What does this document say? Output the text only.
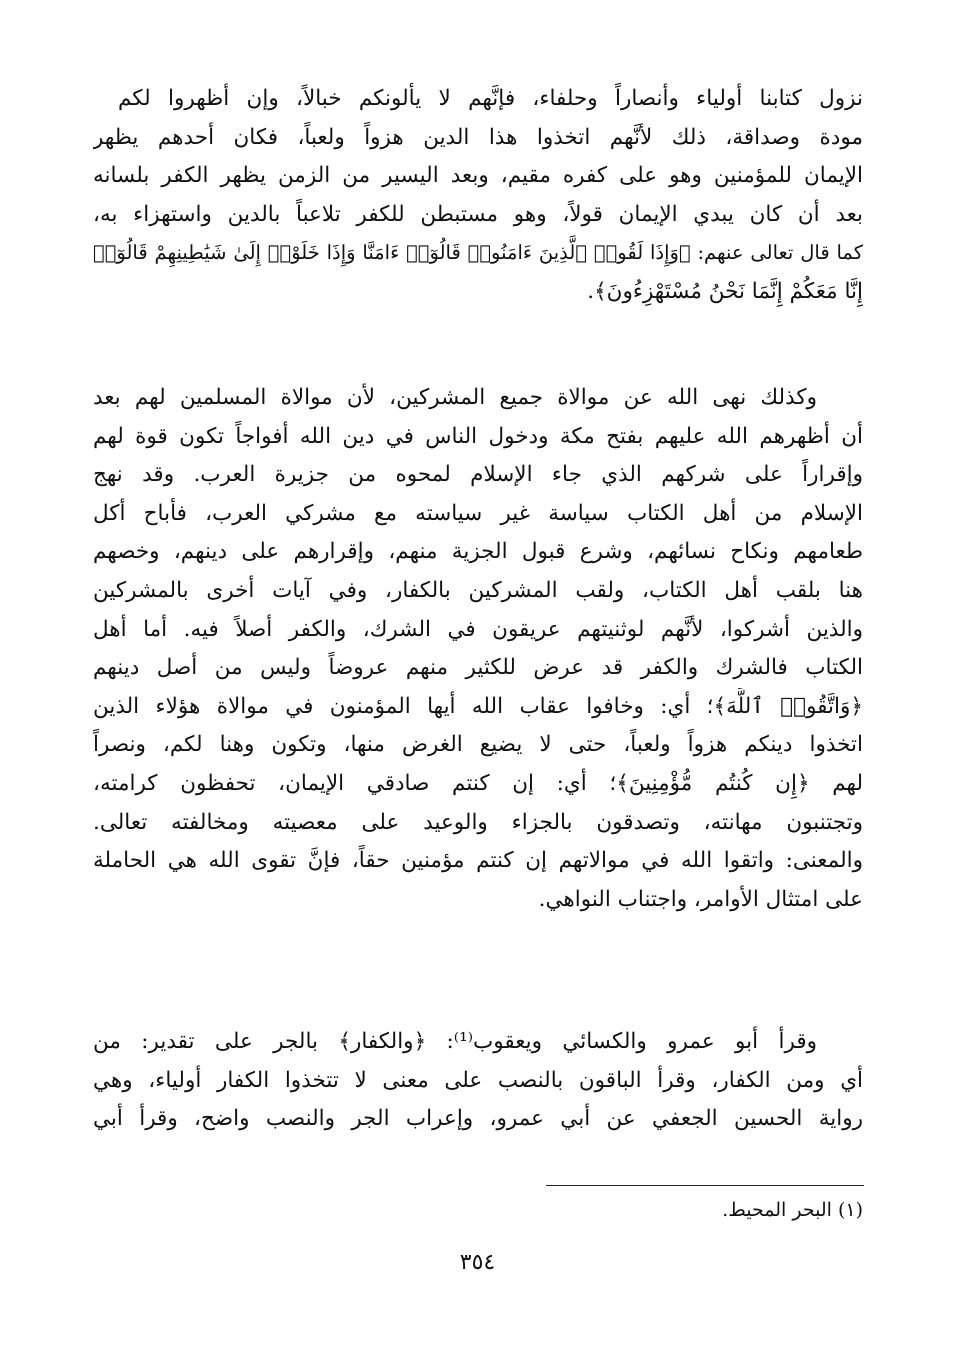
نزول كتابنا أولياء وأنصاراً وحلفاء، فإنَّهم لا يألونكم خبالاً، وإن أظهروا لكم
مودة وصداقة، ذلك لأنَّهم اتخذوا هذا الدين هزواً ولعباً، فكان أحدهم يظهر
الإيمان للمؤمنين وهو على كفره مقيم، وبعد اليسير من الزمن يظهر الكفر بلسانه
بعد أن كان يبدي الإيمان قولاً، وهو مستبطن للكفر تلاعباً بالدين واستهزاء به،
كما قال تعالى عنهم: ﴿وَإِذَا لَقُوا۟ ٱلَّذِينَ ءَامَنُوا۟ قَالُوٓا۟ ءَامَنَّا وَإِذَا خَلَوْا۟ إِلَىٰ شَيَٰطِينِهِمْ قَالُوٓا۟
إِنَّا مَعَكُمْ إِنَّمَا نَحْنُ مُسْتَهْزِءُونَ﴾.
وكذلك نهى الله عن موالاة جميع المشركين، لأن موالاة المسلمين لهم بعد
أن أظهرهم الله عليهم بفتح مكة ودخول الناس في دين الله أفواجاً تكون قوة لهم
وإقراراً على شركهم الذي جاء الإسلام لمحوه من جزيرة العرب. وقد نهج
الإسلام من أهل الكتاب سياسة غير سياسته مع مشركي العرب، فأباح أكل
طعامهم ونكاح نسائهم، وشرع قبول الجزية منهم، وإقرارهم على دينهم، وخصهم
هنا بلقب أهل الكتاب، ولقب المشركين بالكفار، وفي آيات أخرى بالمشركين
والذين أشركوا، لأنَّهم لوثنيتهم عريقون في الشرك، والكفر أصلاً فيه. أما أهل
الكتاب فالشرك والكفر قد عرض للكثير منهم عروضاً وليس من أصل دينهم
﴿وَاتَّقُوا۟ ٱللَّهَ﴾؛ أي: وخافوا عقاب الله أيها المؤمنون في موالاة هؤلاء الذين
اتخذوا دينكم هزواً ولعباً، حتى لا يضيع الغرض منها، وتكون وهنا لكم، ونصراً
لهم ﴿إِن كُنتُم مُّؤْمِنِينَ﴾؛ أي: إن كنتم صادقي الإيمان، تحفظون كرامته،
وتجتنبون مهانته، وتصدقون بالجزاء والوعيد على معصيته ومخالفته تعالى.
والمعنى: واتقوا الله في موالاتهم إن كنتم مؤمنين حقاً، فإنَّ تقوى الله هي الحاملة
على امتثال الأوامر، واجتناب النواهي.
وقرأ أبو عمرو والكسائي ويعقوب⁽¹⁾: ﴿والكفار﴾ بالجر على تقدير: من
أي ومن الكفار، وقرأ الباقون بالنصب على معنى لا تتخذوا الكفار أولياء، وهي
رواية الحسين الجعفي عن أبي عمرو، وإعراب الجر والنصب واضح، وقرأ أبي
(١) البحر المحيط.
٣٥٤
